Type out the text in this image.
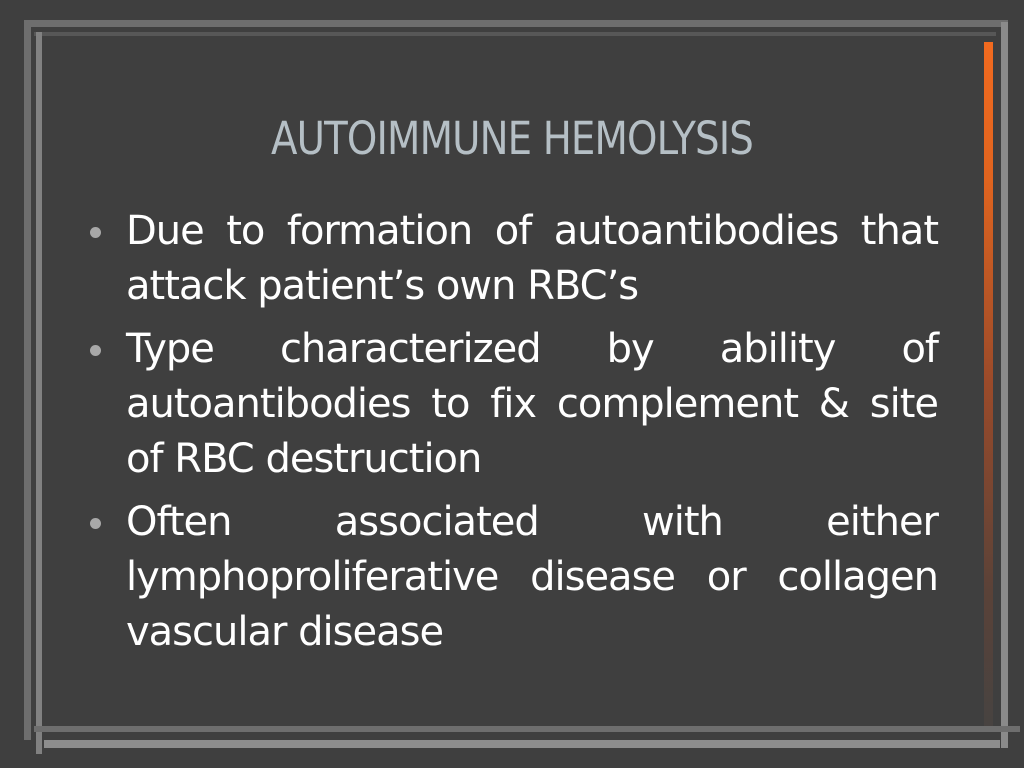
AUTOIMMUNE HEMOLYSIS
Due to formation of autoantibodies that attack patient’s own RBC’s
Type characterized by ability of autoantibodies to fix complement & site of RBC destruction
Often associated with either lymphoproliferative disease or collagen vascular disease
